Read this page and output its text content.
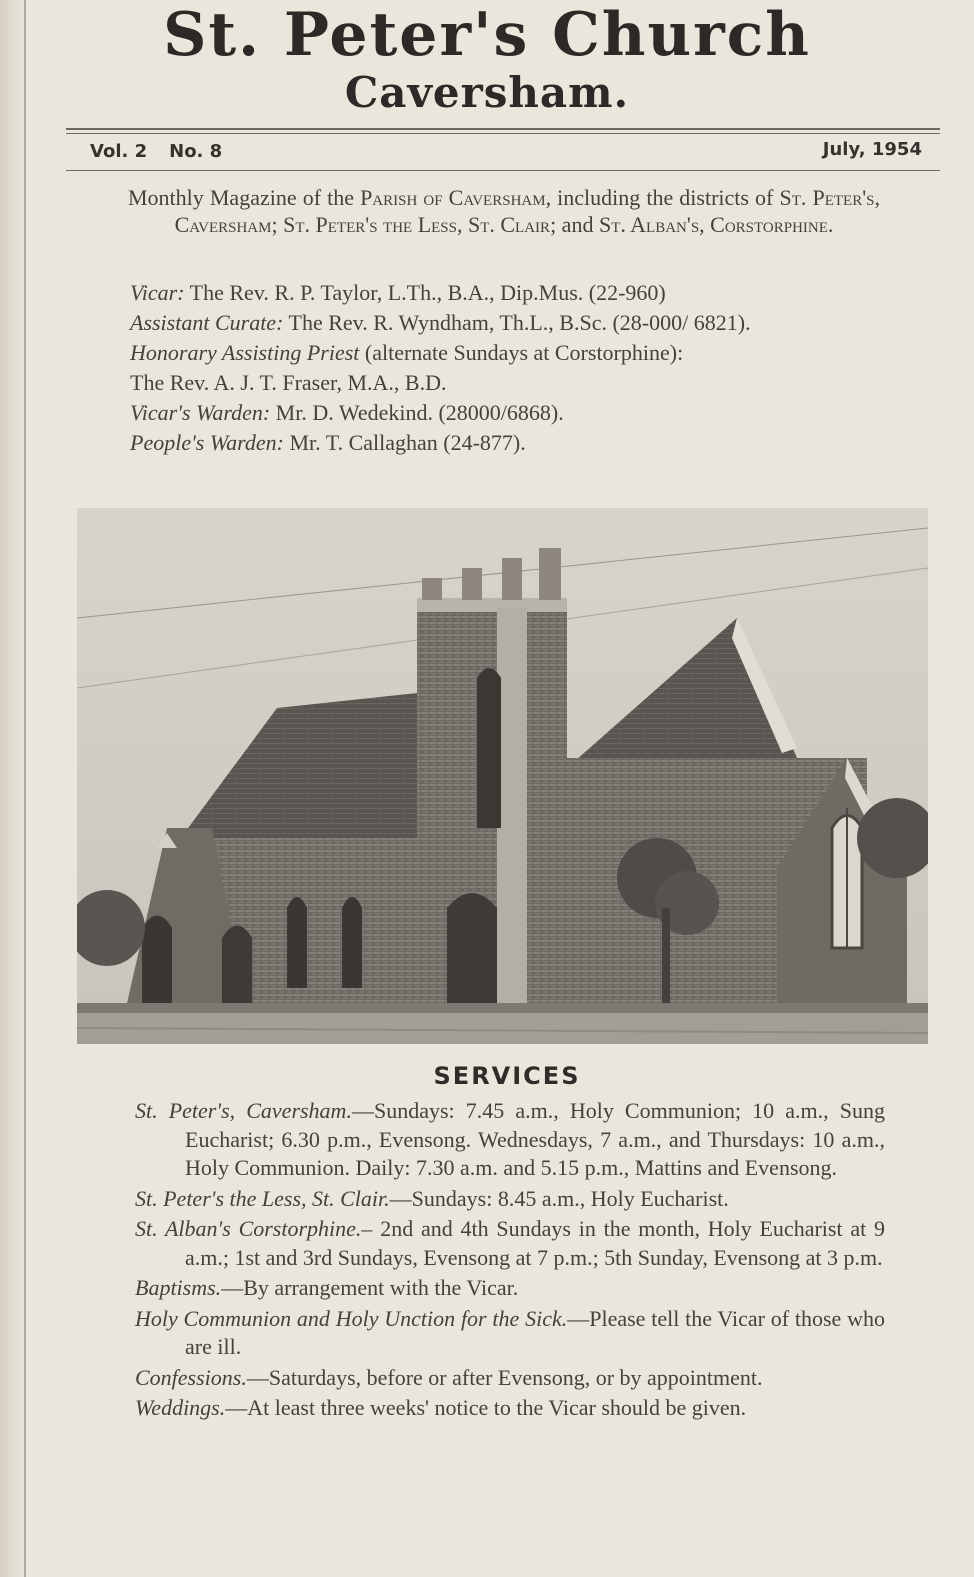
St. Peter's Church
Caversham.
Vol. 2 No. 8	July, 1954
Monthly Magazine of the Parish of Caversham, including the districts of St. Peter's, Caversham; St. Peter's the Less, St. Clair; and St. Alban's, Corstorphine.

Vicar: The Rev. R. P. Taylor, L.Th., B.A., Dip.Mus. (22-960)

Assistant Curate: The Rev. R. Wyndham, Th.L., B.Sc. (28-000/ 6821).

Honorary Assisting Priest (alternate Sundays at Corstorphine):

The Rev. A. J. T. Fraser, M.A., B.D.

Vicar's Warden: Mr. D. Wedekind. (28000/6868).

People's Warden: Mr. T. Callaghan (24-877).

SERVICES

St. Peter's, Caversham.—Sundays: 7.45 a.m., Holy Communion; 10 a.m., Sung Eucharist; 6.30 p.m., Evensong. Wednesdays, 7 a.m., and Thursdays: 10 a.m., Holy Communion. Daily: 7.30 a.m. and 5.15 p.m., Mattins and Evensong.

St. Peter's the Less, St. Clair.—Sundays: 8.45 a.m., Holy Eucharist.

St. Alban's Corstorphine.– 2nd and 4th Sundays in the month, Holy Eucharist at 9 a.m.; 1st and 3rd Sundays, Evensong at 7 p.m.; 5th Sunday, Evensong at 3 p.m.

Baptisms.—By arrangement with the Vicar.

Holy Communion and Holy Unction for the Sick.—Please tell the Vicar of those who are ill.

Confessions.—Saturdays, before or after Evensong, or by appointment.

Weddings.—At least three weeks' notice to the Vicar should be given.
